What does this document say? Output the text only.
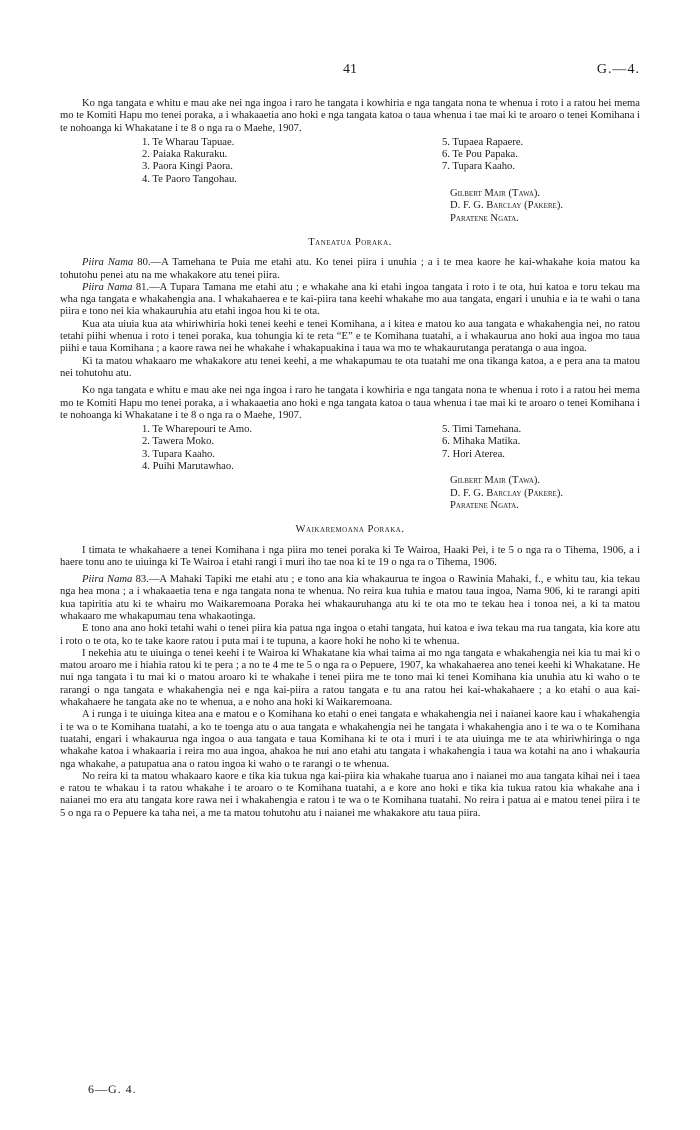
41	G.—4.

Ko nga tangata e whitu e mau ake nei nga ingoa i raro he tangata i kowhiria e nga tangata nona te whenua i roto i a ratou hei mema mo te Komiti Hapu mo tenei poraka, a i whakaaetia ano hoki e nga tangata katoa o taua whenua i tae mai ki te aroaro o tenei Komihana i te nohoanga ki Whakatane i te 8 o nga ra o Maehe, 1907.

1. Te Wharau Tapuae.
2. Paiaka Rakuraku.
3. Paora Kingi Paora.
4. Te Paoro Tangohau.
5. Tupaea Rapaere.
6. Te Pou Papaka.
7. Tupara Kaaho.
Gilbert Mair (Tawa).
D. F. G. Barclay (Pakere).
Paratene Ngata.
Taneatua Poraka.

Piira Nama 80.—A Tamehana te Puia me etahi atu. Ko tenei piira i unuhia ; a i te mea kaore he kai-whakahe koia matou ka tohutohu penei atu na me whakakore atu tenei piira.

Piira Nama 81.—A Tupara Tamana me etahi atu ; e whakahe ana ki etahi ingoa tangata i roto i te ota, hui katoa e toru tekau ma wha nga tangata e whakahengia ana. I whakahaerea e te kai-piira tana keehi whakahe mo aua tangata, engari i unuhia e ia te wahi o tana piira e tono nei kia whakauruhia atu etahi ingoa hou ki te ota.

Kua ata uiuia kua ata whiriwhiria hoki tenei keehi e tenei Komihana, a i kitea e matou ko aua tangata e whakahengia nei, no ratou tetahi piihi whenua i roto i tenei poraka, kua tohungia ki te reta “E” e te Komihana tuatahi, a i whakaurua ano hoki aua ingoa mo taua piihi e taua Komihana ; a kaore rawa nei he whakahe i whakapuakina i taua wa mo te whakaurutanga peratanga o aua ingoa.

Ki ta matou whakaaro me whakakore atu tenei keehi, a me whakapumau te ota tuatahi me ona tikanga katoa, a e pera ana ta matou nei tohutohu atu.

Ko nga tangata e whitu e mau ake nei nga ingoa i raro he tangata i kowhiria e nga tangata nona te whenua i roto i a ratou hei mema mo te Komiti Hapu mo tenei poraka, a i whakaaetia ano hoki e nga tangata katoa o taua whenua i tae mai ki te aroaro o tenei Komihana i te nohoanga ki Whakatane i te 8 o nga ra o Maehe, 1907.

1. Te Wharepouri te Amo.
2. Tawera Moko.
3. Tupara Kaaho.
4. Puihi Marutawhao.
5. Timi Tamehana.
6. Mihaka Matika.
7. Hori Aterea.
Gilbert Mair (Tawa).
D. F. G. Barclay (Pakere).
Paratene Ngata.
Waikaremoana Poraka.

I timata te whakahaere a tenei Komihana i nga piira mo tenei poraka ki Te Wairoa, Haaki Pei, i te 5 o nga ra o Tihema, 1906, a i haere tonu ano te uiuinga ki Te Wairoa i etahi rangi i muri iho tae noa ki te 19 o nga ra o Tihema, 1906.

Piira Nama 83.—A Mahaki Tapiki me etahi atu ; e tono ana kia whakaurua te ingoa o Rawinia Mahaki, f., e whitu tau, kia tekau nga hea mona ; a i whakaaetia tena e nga tangata nona te whenua. No reira kua tuhia e matou taua ingoa, Nama 906, ki te rarangi apiti kua tapiritia atu ki te whairu mo Waikaremoana Poraka hei whakauruhanga atu ki te ota mo te tekau hea i tonoa nei, a ki ta matou whakaaro me whakapumau tena whakaotinga.

E tono ana ano hoki tetahi wahi o tenei piira kia patua nga ingoa o etahi tangata, hui katoa e iwa tekau ma rua tangata, kia kore atu i roto o te ota, ko te take kaore ratou i puta mai i te tupuna, a kaore hoki he noho ki te whenua.

I nekehia atu te uiuinga o tenei keehi i te Wairoa ki Whakatane kia whai taima ai mo nga tangata e whakahengia nei kia tu mai ki o matou aroaro me i hiahia ratou ki te pera ; a no te 4 me te 5 o nga ra o Pepuere, 1907, ka whakahaerea ano tenei keehi ki Whakatane. He nui nga tangata i tu mai ki o matou aroaro ki te whakahe i tenei piira me te tono mai ki tenei Komihana kia unuhia atu ki waho o te rarangi o nga tangata e whakahengia nei e nga kai-piira a ratou tangata e tu ana ratou hei kai-whakahaere ; a ko etahi o aua kai-whakahaere he tangata ake no te whenua, a e noho ana hoki ki Waikaremoana.

A i runga i te uiuinga kitea ana e matou e o Komihana ko etahi o enei tangata e whakahengia nei i naianei kaore kau i whakahengia i te wa o te Komihana tuatahi, a ko te toenga atu o aua tangata e whakahengia nei he tangata i whakahengia ano i te wa o te Komihana tuatahi, engari i whakaurua nga ingoa o aua tangata e taua Komihana ki te ota i muri i te ata uiuinga me te ata whiriwhiringa o nga whakahe katoa i whakaaria i reira mo aua ingoa, ahakoa he nui ano etahi atu tangata i whakahengia i taua wa kotahi na ano i whakauria nga whakahe, a patupatua ana o ratou ingoa ki waho o te rarangi o te whenua.

No reira ki ta matou whakaaro kaore e tika kia tukua nga kai-piira kia whakahe tuarua ano i naianei mo aua tangata kihai nei i taea e ratou te whakau i ta ratou whakahe i te aroaro o te Komihana tuatahi, a e kore ano hoki e tika kia tukua ratou kia whakahe ana i naianei mo era atu tangata kore rawa nei i whakahengia e ratou i te wa o te Komihana tuatahi. No reira i patua ai e matou tenei piira i te 5 o nga ra o Pepuere ka taha nei, a me ta matou tohutohu atu i naianei me whakakore atu taua piira.

6—G. 4.
